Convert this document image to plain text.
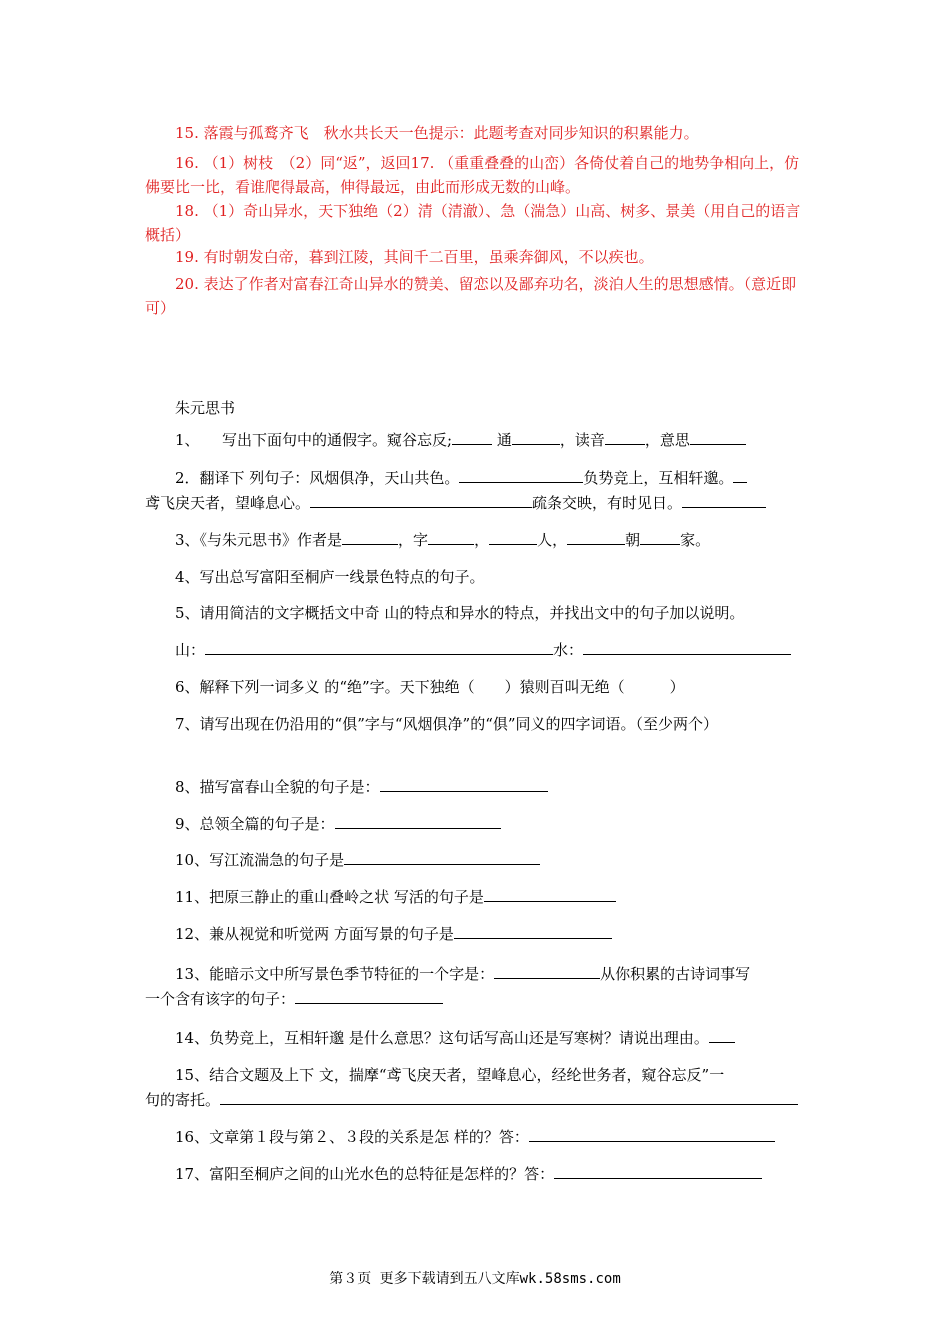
15. 落霞与孤鹜齐飞　秋水共长天一色提示：此题考查对同步知识的积累能力。
16. （1）树枝　（2）同“返”，返回17. （重重叠叠的山峦）各倚仗着自己的地势争相向上，仿佛要比一比，看谁爬得最高，伸得最远，由此而形成无数的山峰。
18. （1）奇山异水，天下独绝（2）清（清澈）、急（湍急）山高、树多、景美（用自己的语言概括）
19. 有时朝发白帝，暮到江陵，其间千二百里，虽乘奔御风，不以疾也。
20. 表达了作者对富春江奇山异水的赞美、留恋以及鄙弃功名，淡泊人生的思想感情。（意近即可）
朱元思书
1、　　写出下面句中的通假字。窥谷忘反;	通	，读音	，意思
2．翻译下 列句子：风烟俱净，天山共色。	负势竞上，互相轩邈。
鸢飞戾天者，望峰息心。	疏条交映，有时见日。
3、《与朱元思书》作者是	，字	，	人，	朝	家。
4、写出总写富阳至桐庐一线景色特点的句子。
5、请用简洁的文字概括文中奇 山的特点和异水的特点，并找出文中的句子加以说明。
山：	水：
6、解释下列一词多义 的“绝”字。天下独绝（　　）猿则百叫无绝（　　　）
7、请写出现在仍沿用的“俱”字与“风烟俱净”的“俱”同义的四字词语。（至少两个）
8、描写富春山全貌的句子是：
9、总领全篇的句子是：
10、写江流湍急的句子是
11、把原三静止的重山叠岭之状 写活的句子是
12、兼从视觉和听觉两 方面写景的句子是
13、能暗示文中所写景色季节特征的一个字是：	从你积累的古诗词事写
一个含有该字的句子：
14、负势竞上，互相轩邈 是什么意思？这句话写高山还是写寒树？请说出理由。
15、结合文题及上下 文，揣摩“鸢飞戾天者，望峰息心，经纶世务者，窥谷忘反”一
句的寄托。
16、文章第１段与第２、３段的关系是怎 样的？答：
17、富阳至桐庐之间的山光水色的总特征是怎样的？答：
第３页 更多下载请到五八文库wk.58sms.com
